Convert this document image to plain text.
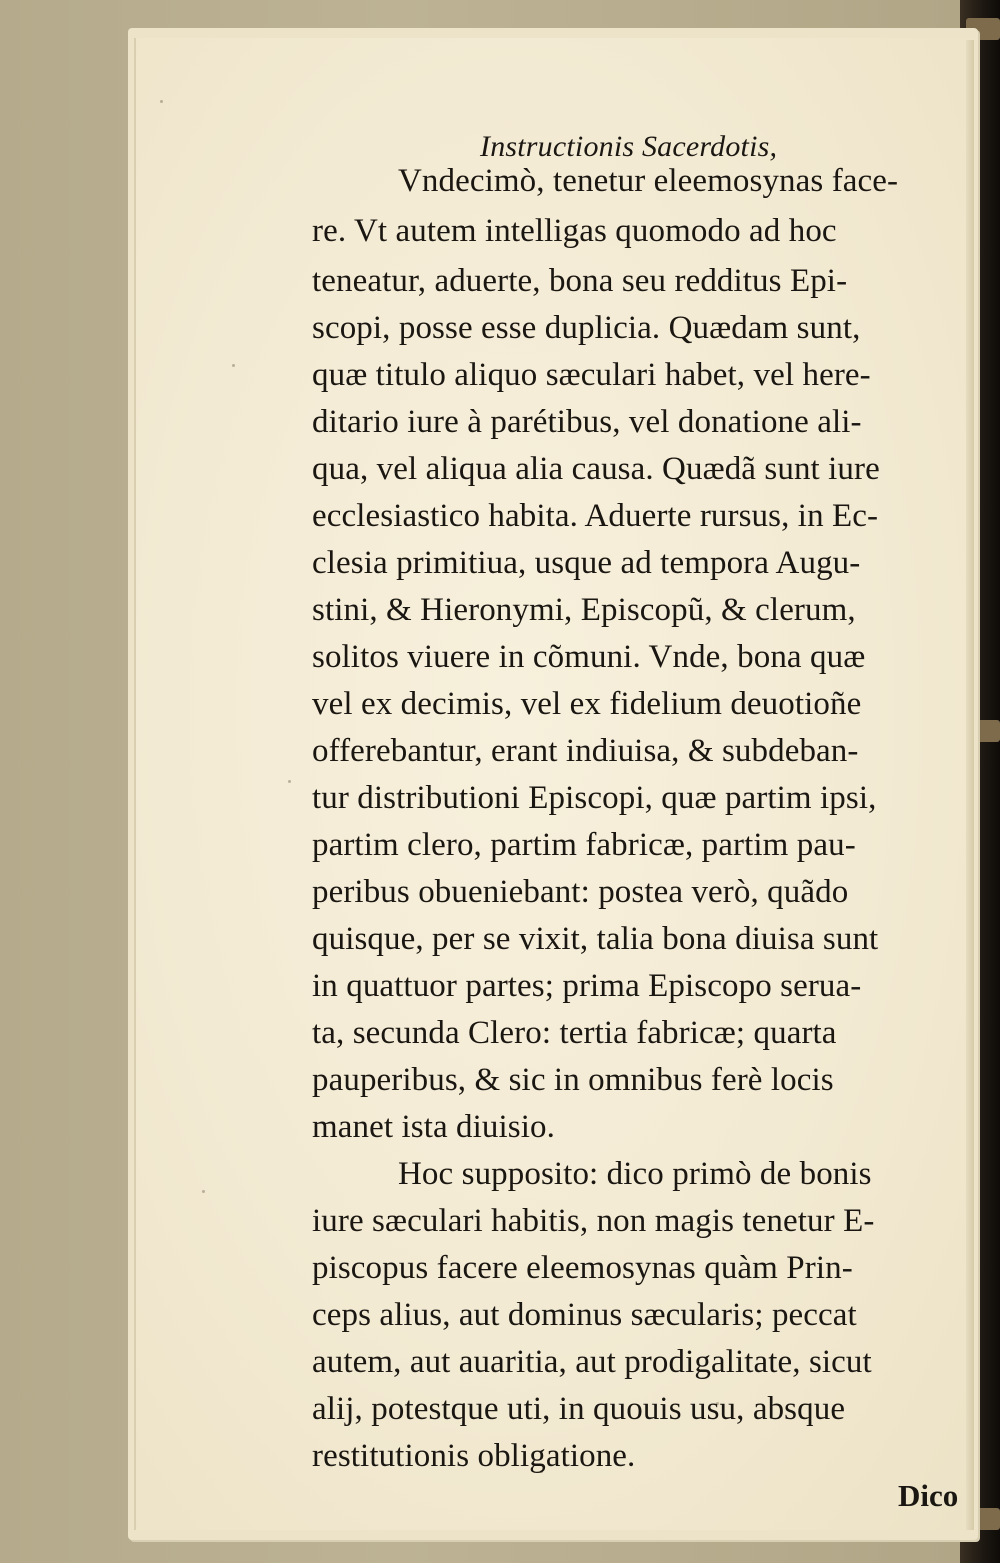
Instructionis Sacerdotis,
Vndecimò, tenetur eleemosynas face-
re. Vt autem intelligas quomodo ad hoc
teneatur, aduerte, bona seu redditus Epi-
scopi, posse esse duplicia. Quædam sunt,
quæ titulo aliquo sæculari habet, vel here-
ditario iure à parétibus, vel donatione ali-
qua, vel aliqua alia causa. Quædã sunt iure
ecclesiastico habita. Aduerte rursus, in Ec-
clesia primitiua, usque ad tempora Augu-
stini, & Hieronymi, Episcopũ, & clerum,
solitos viuere in cõmuni. Vnde, bona quæ
vel ex decimis, vel ex fidelium deuotioñe
offerebantur, erant indiuisa, & subdeban-
tur distributioni Episcopi, quæ partim ipsi,
partim clero, partim fabricæ, partim pau-
peribus obueniebant: postea verò, quãdo
quisque, per se vixit, talia bona diuisa sunt
in quattuor partes; prima Episcopo serua-
ta, secunda Clero: tertia fabricæ; quarta
pauperibus, & sic in omnibus ferè locis
manet ista diuisio.
Hoc supposito: dico primò de bonis
iure sæculari habitis, non magis tenetur E-
piscopus facere eleemosynas quàm Prin-
ceps alius, aut dominus sæcularis; peccat
autem, aut auaritia, aut prodigalitate, sicut
alij, potestque uti, in quouis usu, absque
restitutionis obligatione.
Dico
